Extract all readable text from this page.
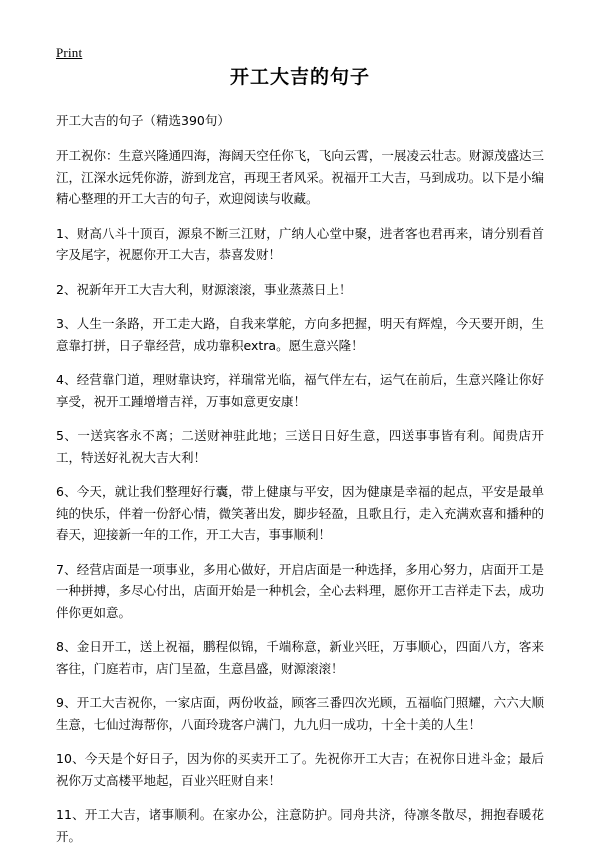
Print
开工大吉的句子

开工大吉的句子（精选390句）

开工祝你：生意兴隆通四海，海阔天空任你飞，飞向云霄，一展凌云壮志。财源茂盛达三江，江深水远凭你游，游到龙宫，再现王者风采。祝福开工大吉，马到成功。以下是小编精心整理的开工大吉的句子，欢迎阅读与收藏。

1、财高八斗十顶百，源泉不断三江财，广纳人心堂中聚，进者客也君再来，请分别看首字及尾字，祝愿你开工大吉，恭喜发财！

2、祝新年开工大吉大利，财源滚滚，事业蒸蒸日上！

3、人生一条路，开工走大路，自我来掌舵，方向多把握，明天有辉煌，今天要开朗，生意靠打拼，日子靠经营，成功靠积extra。愿生意兴隆！

4、经营靠门道，理财靠诀窍，祥瑞常光临，福气伴左右，运气在前后，生意兴隆让你好享受，祝开工踵增增吉祥，万事如意更安康！

5、一送宾客永不离；二送财神驻此地；三送日日好生意，四送事事皆有利。闻贵店开工，特送好礼祝大吉大利！

6、今天，就让我们整理好行囊，带上健康与平安，因为健康是幸福的起点，平安是最单纯的快乐，伴着一份舒心情，微笑著出发，脚步轻盈，且歌且行，走入充满欢喜和播种的春天，迎接新一年的工作，开工大吉，事事顺利！

7、经营店面是一项事业，多用心做好，开启店面是一种选择，多用心努力，店面开工是一种拼搏，多尽心付出，店面开始是一种机会，全心去料理，愿你开工吉祥走下去，成功伴你更如意。

8、金日开工，送上祝福，鹏程似锦，千端称意，新业兴旺，万事顺心，四面八方，客来客往，门庭若市，店门呈盈，生意昌盛，财源滚滚！

9、开工大吉祝你，一家店面，两份收益，顾客三番四次光顾，五福临门照耀，六六大顺生意，七仙过海帮你，八面玲珑客户满门，九九归一成功，十全十美的人生！

10、今天是个好日子，因为你的买卖开工了。先祝你开工大吉；在祝你日进斗金；最后祝你万丈高楼平地起，百业兴旺财自来！

11、开工大吉，诸事顺利。在家办公，注意防护。同舟共济，待凛冬散尽，拥抱春暖花开。
